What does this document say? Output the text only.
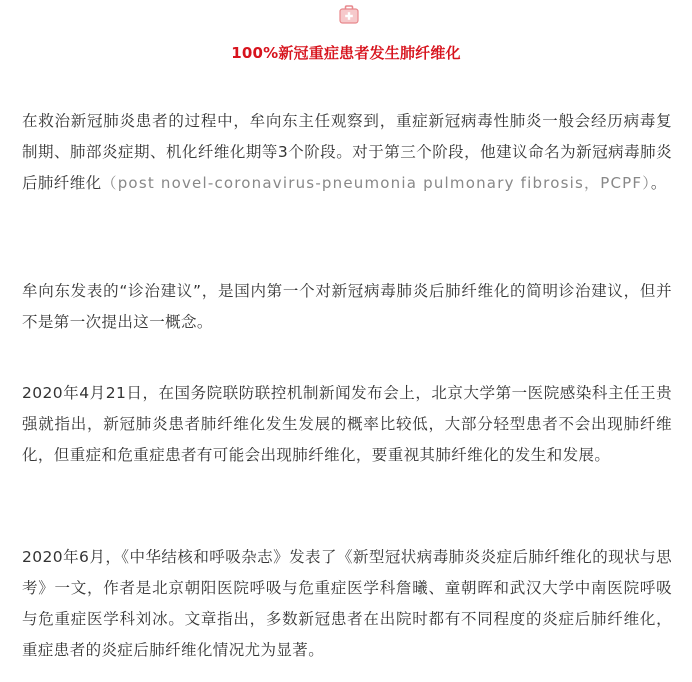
100%新冠重症患者发生肺纤维化

在救治新冠肺炎患者的过程中，牟向东主任观察到，重症新冠病毒性肺炎一般会经历病毒复制期、肺部炎症期、机化纤维化期等3个阶段。对于第三个阶段，他建议命名为新冠病毒肺炎后肺纤维化（post novel-coronavirus-pneumonia pulmonary fibrosis，PCPF）。

牟向东发表的“诊治建议”，是国内第一个对新冠病毒肺炎后肺纤维化的简明诊治建议，但并不是第一次提出这一概念。

2020年4月21日，在国务院联防联控机制新闻发布会上，北京大学第一医院感染科主任王贵强就指出，新冠肺炎患者肺纤维化发生发展的概率比较低，大部分轻型患者不会出现肺纤维化，但重症和危重症患者有可能会出现肺纤维化，要重视其肺纤维化的发生和发展。

2020年6月，《中华结核和呼吸杂志》发表了《新型冠状病毒肺炎炎症后肺纤维化的现状与思考》一文，作者是北京朝阳医院呼吸与危重症医学科詹曦、童朝晖和武汉大学中南医院呼吸与危重症医学科刘冰。文章指出，多数新冠患者在出院时都有不同程度的炎症后肺纤维化，重症患者的炎症后肺纤维化情况尤为显著。
